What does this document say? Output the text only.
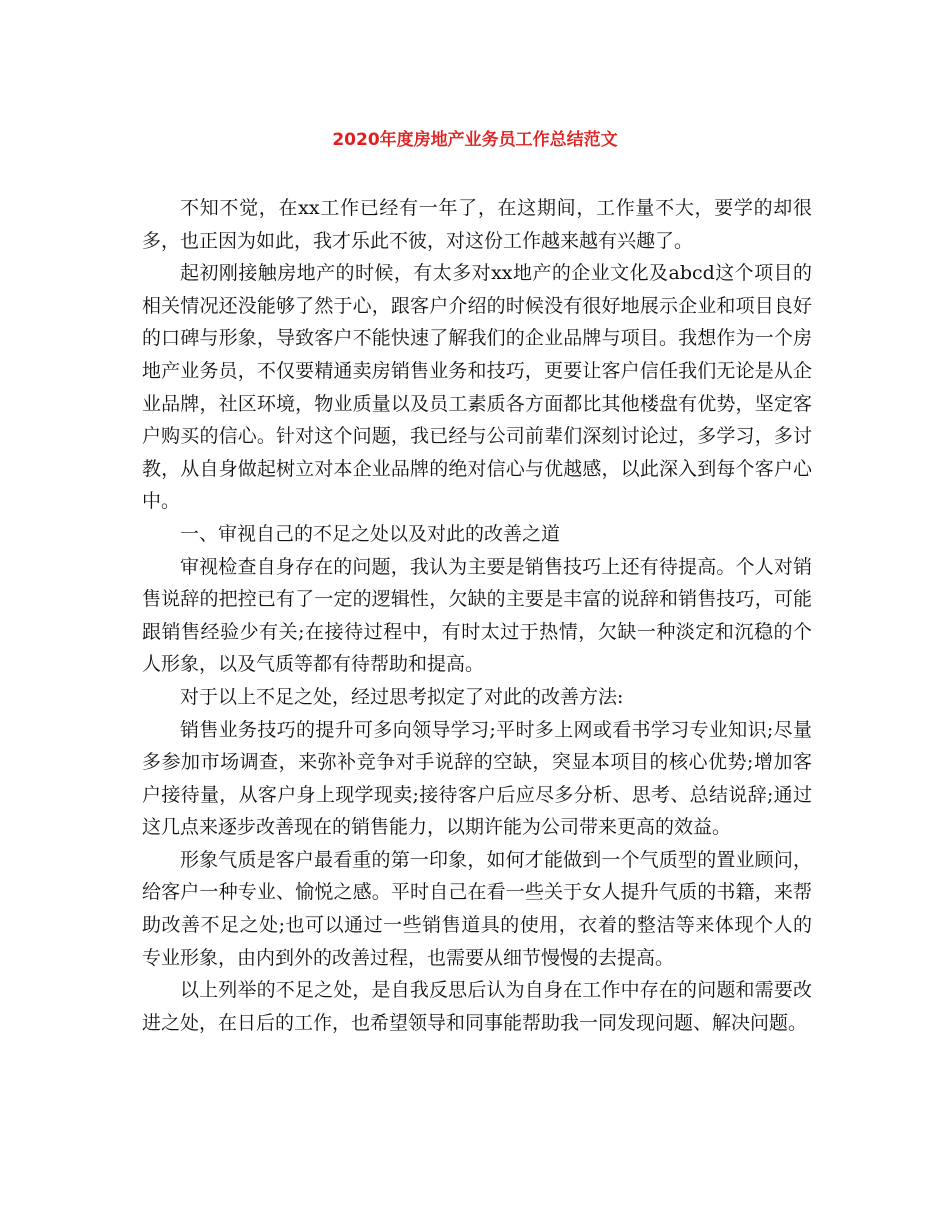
2020年度房地产业务员工作总结范文

不知不觉，在xx工作已经有一年了，在这期间，工作量不大，要学的却很多，也正因为如此，我才乐此不彼，对这份工作越来越有兴趣了。

起初刚接触房地产的时候，有太多对xx地产的企业文化及abcd这个项目的相关情况还没能够了然于心，跟客户介绍的时候没有很好地展示企业和项目良好的口碑与形象，导致客户不能快速了解我们的企业品牌与项目。我想作为一个房地产业务员，不仅要精通卖房销售业务和技巧，更要让客户信任我们无论是从企业品牌，社区环境，物业质量以及员工素质各方面都比其他楼盘有优势，坚定客户购买的信心。针对这个问题，我已经与公司前辈们深刻讨论过，多学习，多讨教，从自身做起树立对本企业品牌的绝对信心与优越感，以此深入到每个客户心中。

一、审视自己的不足之处以及对此的改善之道

审视检查自身存在的问题，我认为主要是销售技巧上还有待提高。个人对销售说辞的把控已有了一定的逻辑性，欠缺的主要是丰富的说辞和销售技巧，可能跟销售经验少有关;在接待过程中，有时太过于热情，欠缺一种淡定和沉稳的个人形象，以及气质等都有待帮助和提高。

对于以上不足之处，经过思考拟定了对此的改善方法:

销售业务技巧的提升可多向领导学习;平时多上网或看书学习专业知识;尽量多参加市场调查，来弥补竞争对手说辞的空缺，突显本项目的核心优势;增加客户接待量，从客户身上现学现卖;接待客户后应尽多分析、思考、总结说辞;通过这几点来逐步改善现在的销售能力，以期许能为公司带来更高的效益。

形象气质是客户最看重的第一印象，如何才能做到一个气质型的置业顾问，给客户一种专业、愉悦之感。平时自己在看一些关于女人提升气质的书籍，来帮助改善不足之处;也可以通过一些销售道具的使用，衣着的整洁等来体现个人的专业形象，由内到外的改善过程，也需要从细节慢慢的去提高。

以上列举的不足之处，是自我反思后认为自身在工作中存在的问题和需要改进之处，在日后的工作，也希望领导和同事能帮助我一同发现问题、解决问题。
